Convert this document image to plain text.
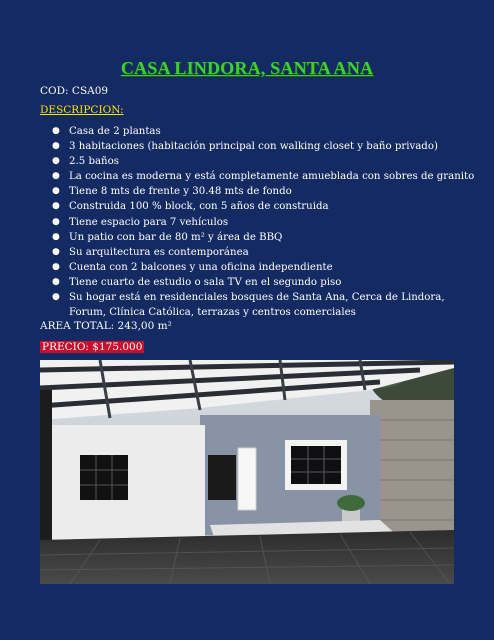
CASA LINDORA, SANTA ANA
COD: CSA09
DESCRIPCION:
● Casa de 2 plantas
● 3 habitaciones (habitación principal con walking closet y baño privado)
● 2.5 baños
● La cocina es moderna y está completamente amueblada con sobres de granito
● Tiene 8 mts de frente y 30.48 mts de fondo
● Construida 100 % block, con 5 años de construida
● Tiene espacio para 7 vehículos
● Un patio con bar de 80 m² y área de BBQ
● Su arquitectura es contemporánea
● Cuenta con 2 balcones y una oficina independiente
● Tiene cuarto de estudio o sala TV en el segundo piso
● Su hogar está en residenciales bosques de Santa Ana, Cerca de Lindora, Forum, Clínica Católica, terrazas y centros comerciales
AREA TOTAL: 243,00 m²
PRECIO: $175.000
